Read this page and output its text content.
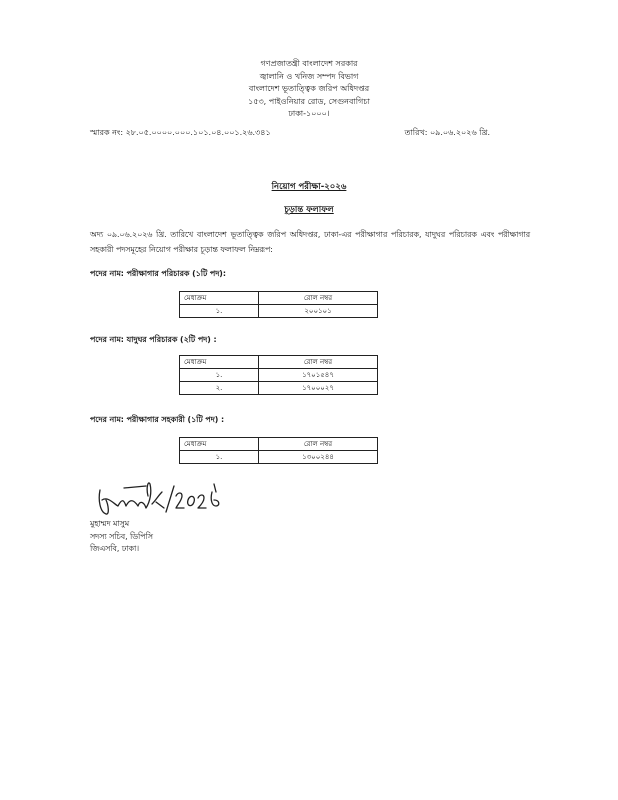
গণপ্রজাতন্ত্রী বাংলাদেশ সরকার
জ্বালানি ও খনিজ সম্পদ বিভাগ
বাংলাদেশ ভূতাত্ত্বিক জরিপ অধিদপ্তর
১৫৩, পাইওনিয়ার রোড, সেগুনবাগিচা
ঢাকা-১০০০।
স্মারক নং: ২৮.০৫.০০০০.০০০.১০১.০৪.০০১.২৬.৩৪১	তারিখ: ০৯.০৬.২০২৬ খ্রি.
নিয়োগ পরীক্ষা-২০২৬
চূড়ান্ত ফলাফল
অদ্য ০৯.০৬.২০২৬ খ্রি. তারিখে বাংলাদেশ ভূতাত্ত্বিক জরিপ অধিদপ্তর, ঢাকা-এর পরীক্ষাগার পরিচারক, যাদুঘর পরিচারক এবং পরীক্ষাগার সহকারী পদসমূহের নিয়োগ পরীক্ষার চূড়ান্ত ফলাফল নিম্নরূপ:
পদের নাম: পরীক্ষাগার পরিচারক (১টি পদ):
মেধাক্রম	রোল নম্বর
১.	২০০১০১
পদের নাম: যাদুঘর পরিচারক (২টি পদ) :
মেধাক্রম	রোল নম্বর
১.	১৭০১৫৪৭
২.	১৭০০০২৭
পদের নাম: পরীক্ষাগার সহকারী (১টি পদ) :
মেধাক্রম	রোল নম্বর
১.	১৩০০২৪৪
মুহাম্মদ মাসুম
সদস্য সচিব, ডিপিসি
জিএসবি, ঢাকা।
